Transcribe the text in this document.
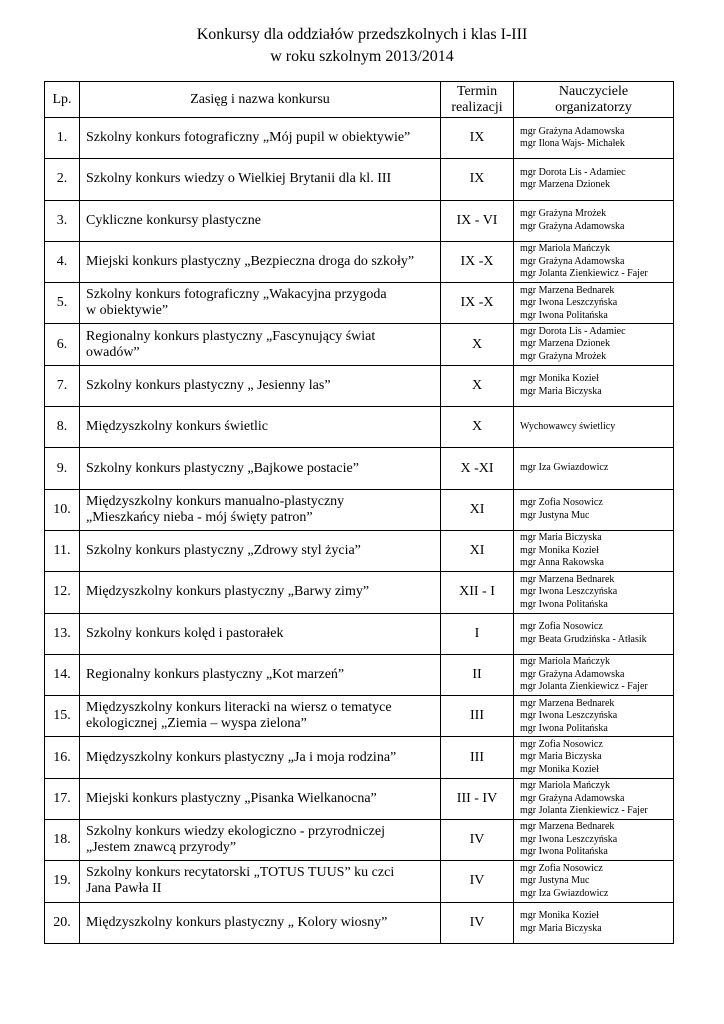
Konkursy dla oddziałów przedszkolnych i klas I-III
w roku szkolnym 2013/2014
Lp.	Zasięg i nazwa konkursu	Termin
realizacji	Nauczyciele
organizatorzy

1.	Szkolny konkurs fotograficzny „Mój pupil w obiektywie”	IX	mgr Grażyna Adamowska
mgr Ilona Wajs- Michałek

2.	Szkolny konkurs wiedzy o Wielkiej Brytanii dla kl. III	IX	mgr Dorota Lis - Adamiec
mgr Marzena Dzionek

3.	Cykliczne konkursy plastyczne	IX - VI	mgr Grażyna Mrożek
mgr Grażyna Adamowska

4.	Miejski konkurs plastyczny „Bezpieczna droga do szkoły”	IX -X	mgr Mariola Mańczyk
mgr Grażyna Adamowska
mgr Jolanta Zienkiewicz - Fajer

5.	Szkolny konkurs fotograficzny „Wakacyjna przygoda
w obiektywie”	IX -X	mgr Marzena Bednarek
mgr Iwona Leszczyńska
mgr Iwona Politańska

6.	Regionalny konkurs plastyczny „Fascynujący świat
owadów”	X	mgr Dorota Lis - Adamiec
mgr Marzena Dzionek
mgr Grażyna Mrożek

7.	Szkolny konkurs plastyczny „ Jesienny las”	X	mgr Monika Kozieł
mgr Maria Biczyska

8.	Międzyszkolny konkurs świetlic	X	Wychowawcy świetlicy

9.	Szkolny konkurs plastyczny „Bajkowe postacie”	X -XI	mgr Iza Gwiazdowicz

10.	Międzyszkolny konkurs manualno-plastyczny
„Mieszkańcy nieba - mój święty patron”	XI	mgr Zofia Nosowicz
mgr Justyna Muc

11.	Szkolny konkurs plastyczny „Zdrowy styl życia”	XI	mgr Maria Biczyska
mgr Monika Kozieł
mgr Anna Rakowska

12.	Międzyszkolny konkurs plastyczny „Barwy zimy”	XII - I	mgr Marzena Bednarek
mgr Iwona Leszczyńska
mgr Iwona Politańska

13.	Szkolny konkurs kolęd i pastorałek	I	mgr Zofia Nosowicz
mgr Beata Grudzińska - Atłasik

14.	Regionalny konkurs plastyczny „Kot marzeń”	II	mgr Mariola Mańczyk
mgr Grażyna Adamowska
mgr Jolanta Zienkiewicz - Fajer

15.	Międzyszkolny konkurs literacki na wiersz o tematyce
ekologicznej „Ziemia – wyspa zielona”	III	mgr Marzena Bednarek
mgr Iwona Leszczyńska
mgr Iwona Politańska

16.	Międzyszkolny konkurs plastyczny „Ja i moja rodzina”	III	mgr Zofia Nosowicz
mgr Maria Biczyska
mgr Monika Kozieł

17.	Miejski konkurs plastyczny „Pisanka Wielkanocna”	III - IV	mgr Mariola Mańczyk
mgr Grażyna Adamowska
mgr Jolanta Zienkiewicz - Fajer

18.	Szkolny konkurs wiedzy ekologiczno - przyrodniczej
„Jestem znawcą przyrody”	IV	mgr Marzena Bednarek
mgr Iwona Leszczyńska
mgr Iwona Politańska

19.	Szkolny konkurs recytatorski „TOTUS TUUS” ku czci
Jana Pawła II	IV	mgr Zofia Nosowicz
mgr Justyna Muc
mgr Iza Gwiazdowicz

20.	Międzyszkolny konkurs plastyczny „ Kolory wiosny”	IV	mgr Monika Kozieł
mgr Maria Biczyska
